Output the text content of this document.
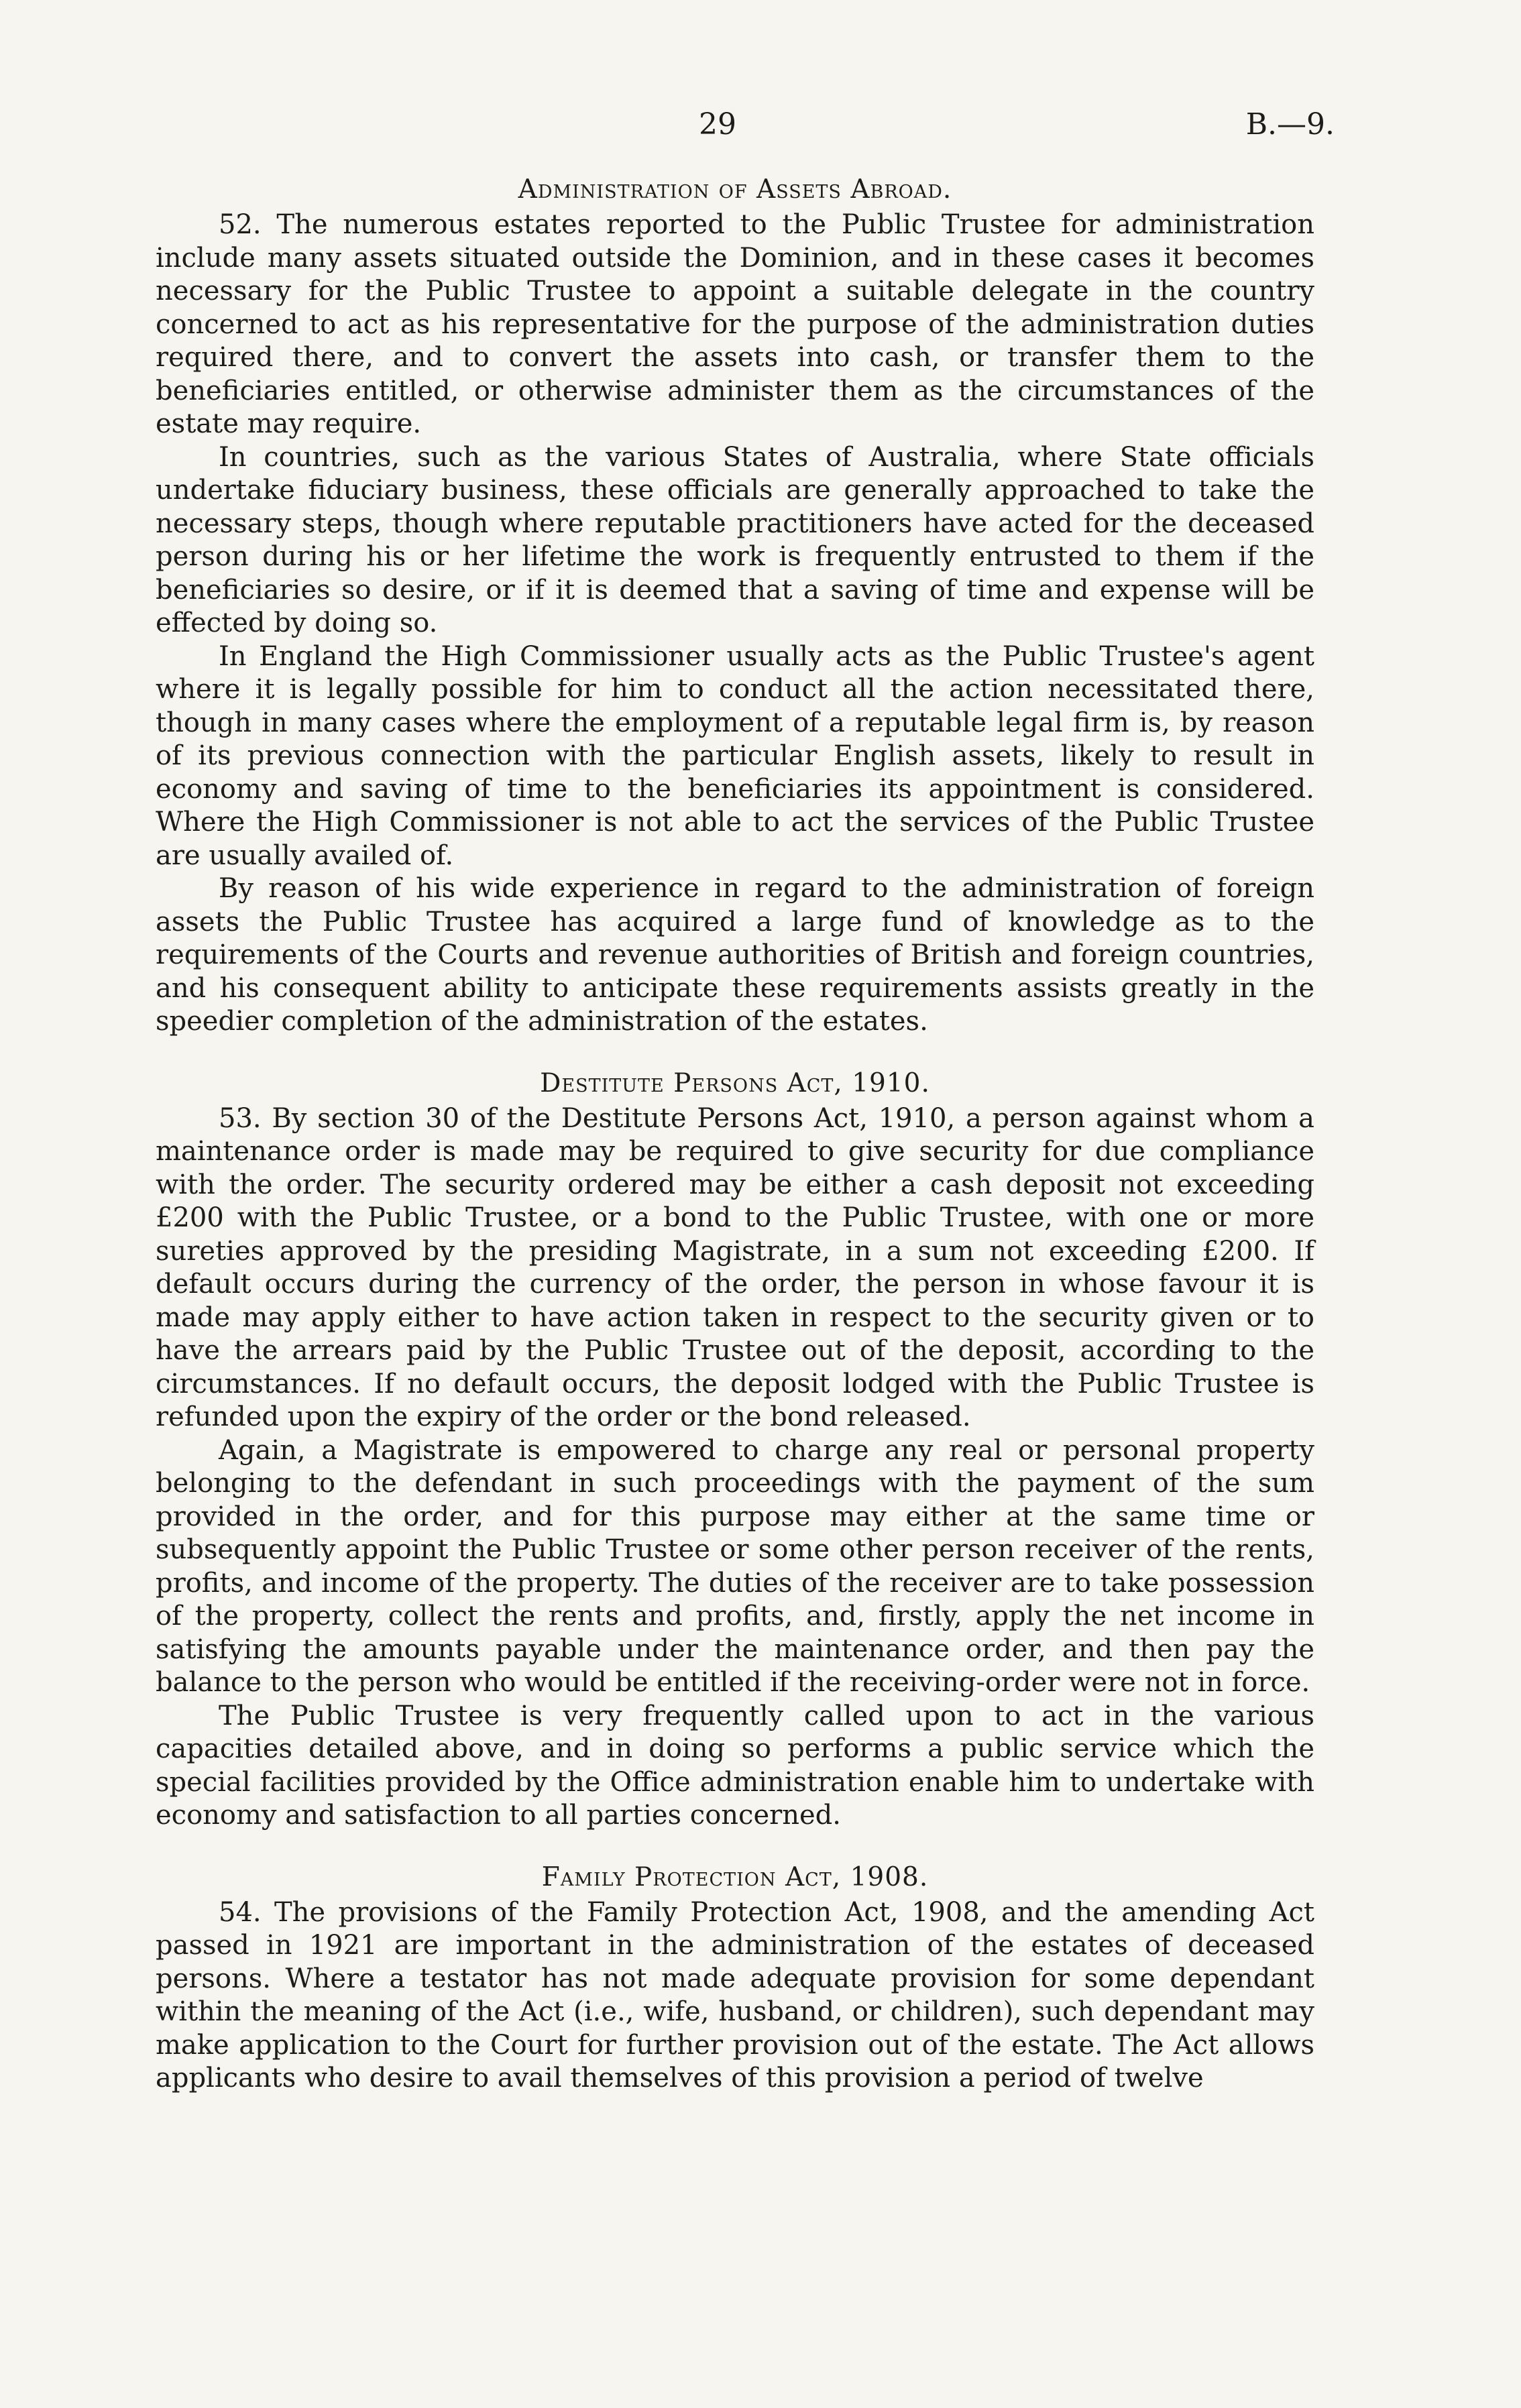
29	B.—9.
Administration of Assets Abroad.

52. The numerous estates reported to the Public Trustee for administration include many assets situated outside the Dominion, and in these cases it becomes necessary for the Public Trustee to appoint a suitable delegate in the country concerned to act as his representative for the purpose of the administration duties required there, and to convert the assets into cash, or transfer them to the beneficiaries entitled, or otherwise administer them as the circumstances of the estate may require.

In countries, such as the various States of Australia, where State officials undertake fiduciary business, these officials are generally approached to take the necessary steps, though where reputable practitioners have acted for the deceased person during his or her lifetime the work is frequently entrusted to them if the beneficiaries so desire, or if it is deemed that a saving of time and expense will be effected by doing so.

In England the High Commissioner usually acts as the Public Trustee's agent where it is legally possible for him to conduct all the action necessitated there, though in many cases where the employment of a reputable legal firm is, by reason of its previous connection with the particular English assets, likely to result in economy and saving of time to the beneficiaries its appointment is considered. Where the High Commissioner is not able to act the services of the Public Trustee are usually availed of.

By reason of his wide experience in regard to the administration of foreign assets the Public Trustee has acquired a large fund of knowledge as to the requirements of the Courts and revenue authorities of British and foreign countries, and his consequent ability to anticipate these requirements assists greatly in the speedier completion of the administration of the estates.

Destitute Persons Act, 1910.

53. By section 30 of the Destitute Persons Act, 1910, a person against whom a maintenance order is made may be required to give security for due compliance with the order. The security ordered may be either a cash deposit not exceeding £200 with the Public Trustee, or a bond to the Public Trustee, with one or more sureties approved by the presiding Magistrate, in a sum not exceeding £200. If default occurs during the currency of the order, the person in whose favour it is made may apply either to have action taken in respect to the security given or to have the arrears paid by the Public Trustee out of the deposit, according to the circumstances. If no default occurs, the deposit lodged with the Public Trustee is refunded upon the expiry of the order or the bond released.

Again, a Magistrate is empowered to charge any real or personal property belonging to the defendant in such proceedings with the payment of the sum provided in the order, and for this purpose may either at the same time or subsequently appoint the Public Trustee or some other person receiver of the rents, profits, and income of the property. The duties of the receiver are to take possession of the property, collect the rents and profits, and, firstly, apply the net income in satisfying the amounts payable under the maintenance order, and then pay the balance to the person who would be entitled if the receiving-order were not in force.

The Public Trustee is very frequently called upon to act in the various capacities detailed above, and in doing so performs a public service which the special facilities provided by the Office administration enable him to undertake with economy and satisfaction to all parties concerned.

Family Protection Act, 1908.

54. The provisions of the Family Protection Act, 1908, and the amending Act passed in 1921 are important in the administration of the estates of deceased persons. Where a testator has not made adequate provision for some dependant within the meaning of the Act (i.e., wife, husband, or children), such dependant may make application to the Court for further provision out of the estate. The Act allows applicants who desire to avail themselves of this provision a period of twelve
